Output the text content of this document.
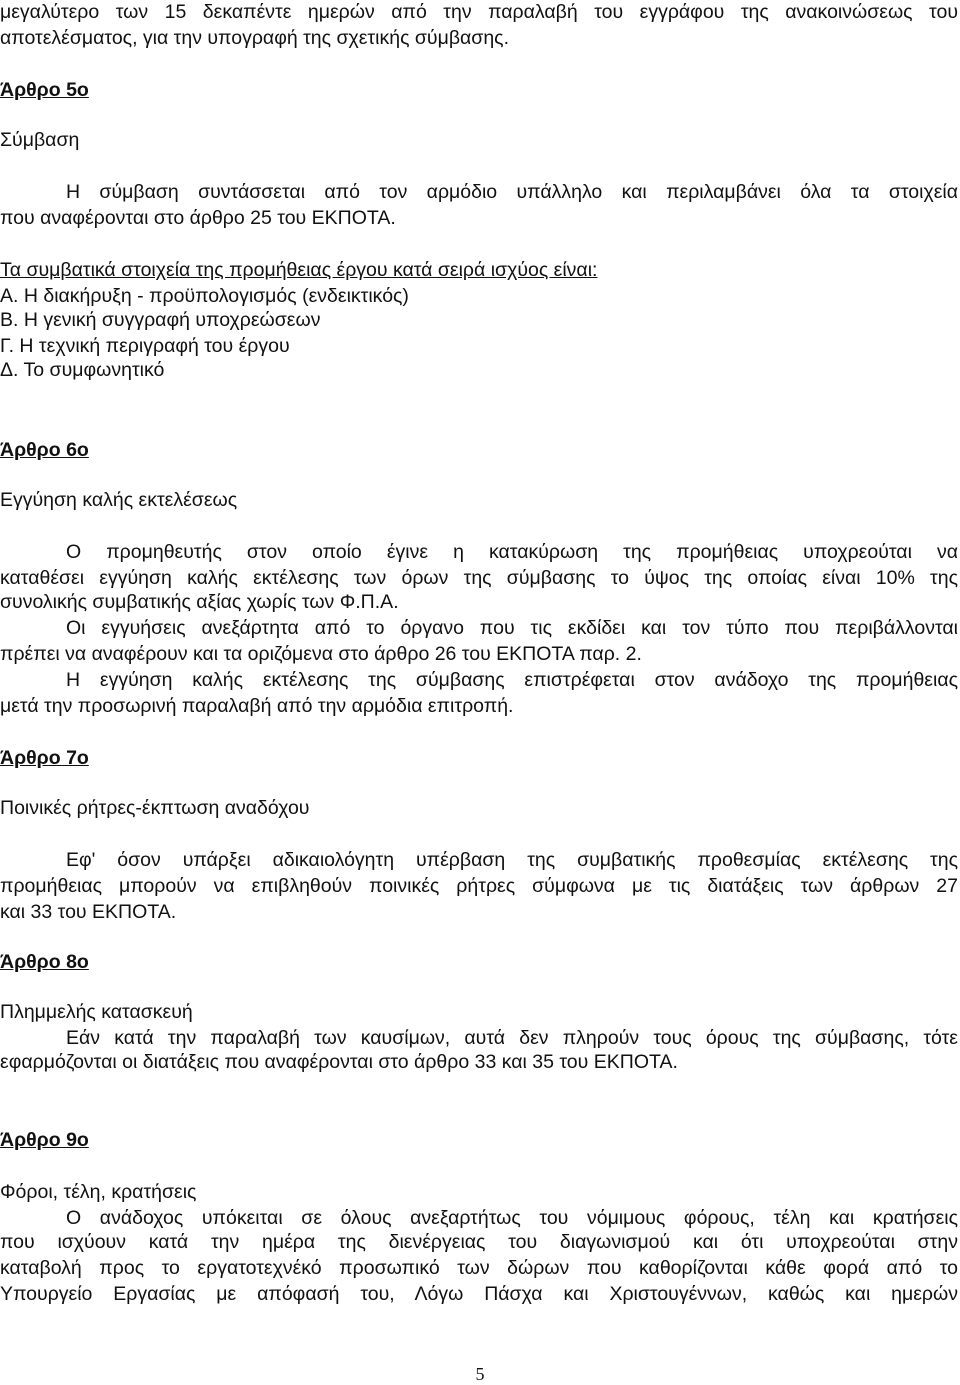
μεγαλύτερο των 15 δεκαπέντε ημερών από την παραλαβή του εγγράφου της ανακοινώσεως του
αποτελέσματος, για την υπογραφή της σχετικής σύμβασης.
Άρθρο 5ο
Σύμβαση
Η σύμβαση συντάσσεται από τον αρμόδιο υπάλληλο και περιλαμβάνει όλα τα στοιχεία
που αναφέρονται στο άρθρο 25 του ΕΚΠΟΤΑ.
Τα συμβατικά στοιχεία της προμήθειας έργου κατά σειρά ισχύος είναι:
Α. Η διακήρυξη - προϋπολογισμός (ενδεικτικός)
Β. Η γενική συγγραφή υποχρεώσεων
Γ. Η τεχνική περιγραφή του έργου
Δ. Το συμφωνητικό
Άρθρο 6ο
Εγγύηση καλής εκτελέσεως
Ο προμηθευτής στον οποίο έγινε η κατακύρωση της προμήθειας υποχρεούται να
καταθέσει εγγύηση καλής εκτέλεσης των όρων της σύμβασης το ύψος της οποίας είναι 10% της
συνολικής συμβατικής αξίας χωρίς των Φ.Π.Α.
Οι εγγυήσεις ανεξάρτητα από το όργανο που τις εκδίδει και τον τύπο που περιβάλλονται
πρέπει να αναφέρουν και τα οριζόμενα στο άρθρο 26 του ΕΚΠΟΤΑ παρ. 2.
Η εγγύηση καλής εκτέλεσης της σύμβασης επιστρέφεται στον ανάδοχο της προμήθειας
μετά την προσωρινή παραλαβή από την αρμόδια επιτροπή.
Άρθρο 7ο
Ποινικές ρήτρες-έκπτωση αναδόχου
Εφ' όσον υπάρξει αδικαιολόγητη υπέρβαση της συμβατικής προθεσμίας εκτέλεσης της
προμήθειας μπορούν να επιβληθούν ποινικές ρήτρες σύμφωνα με τις διατάξεις των άρθρων 27
και 33 του ΕΚΠΟΤΑ.
Άρθρο 8ο
Πλημμελής κατασκευή
Εάν κατά την παραλαβή των καυσίμων, αυτά δεν πληρούν τους όρους της σύμβασης, τότε
εφαρμόζονται οι διατάξεις που αναφέρονται στο άρθρο 33 και 35 του ΕΚΠΟΤΑ.
Άρθρο 9ο
Φόροι, τέλη, κρατήσεις
Ο ανάδοχος υπόκειται σε όλους ανεξαρτήτως του νόμιμους φόρους, τέλη και κρατήσεις
που ισχύουν κατά την ημέρα της διενέργειας του διαγωνισμού και ότι υποχρεούται στην
καταβολή προς το εργατοτεχνέκό προσωπικό των δώρων που καθορίζονται κάθε φορά από το
Υπουργείο Εργασίας με απόφασή του, Λόγω Πάσχα και Χριστουγέννων, καθώς και ημερών
5
